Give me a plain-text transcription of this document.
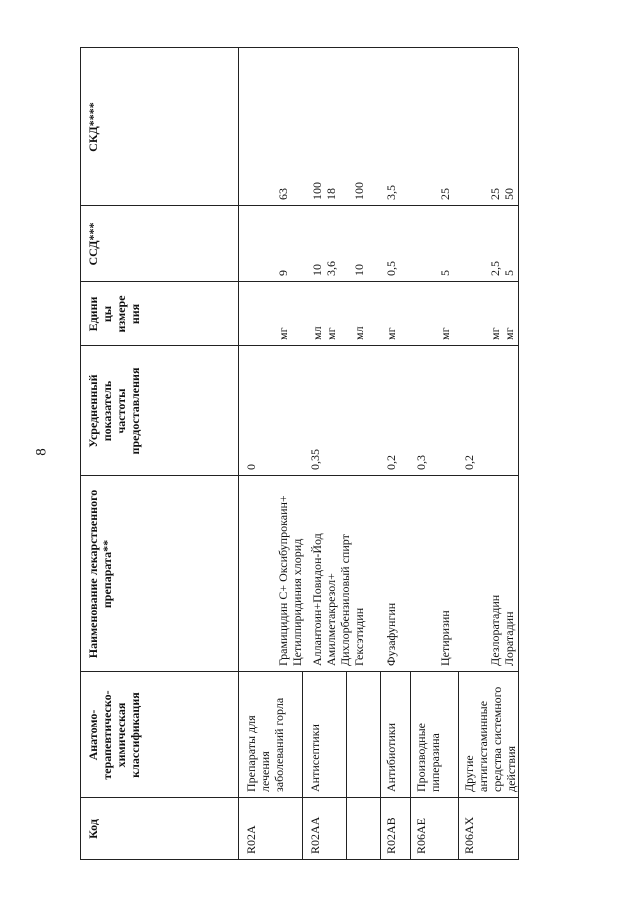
8
Код
Анатомо- терапевтическо- химическая классификация
Наименование лекарственного препарата**
Усредненный показатель частоты предоставления
Едини цы измере ния
ССД***
СКД****
R02A
Препараты для лечения заболеваний горла
0
Грамицидин С+ Оксибупрокаин+ Цетилпиридиния хлорид
мг
9
63
R02AA
Антисептики
0,35
Аллантоин+Повидон-Йод
мл
10
100
Амилметакрезол+ Дихлорбензиловый спирт
мг
3,6
18
Гексэтидин
мл
10
100
R02AB
Антибиотики
0,2
Фузафунгин
мг
0,5
3,5
R06AE
Производные пиперазина
0,3
Цетиризин
мг
5
25
R06AX
Другие антигистаминные средства системного действия
0,2
Дезлоратадин
мг
2,5
25
Лоратадин
мг
5
50
